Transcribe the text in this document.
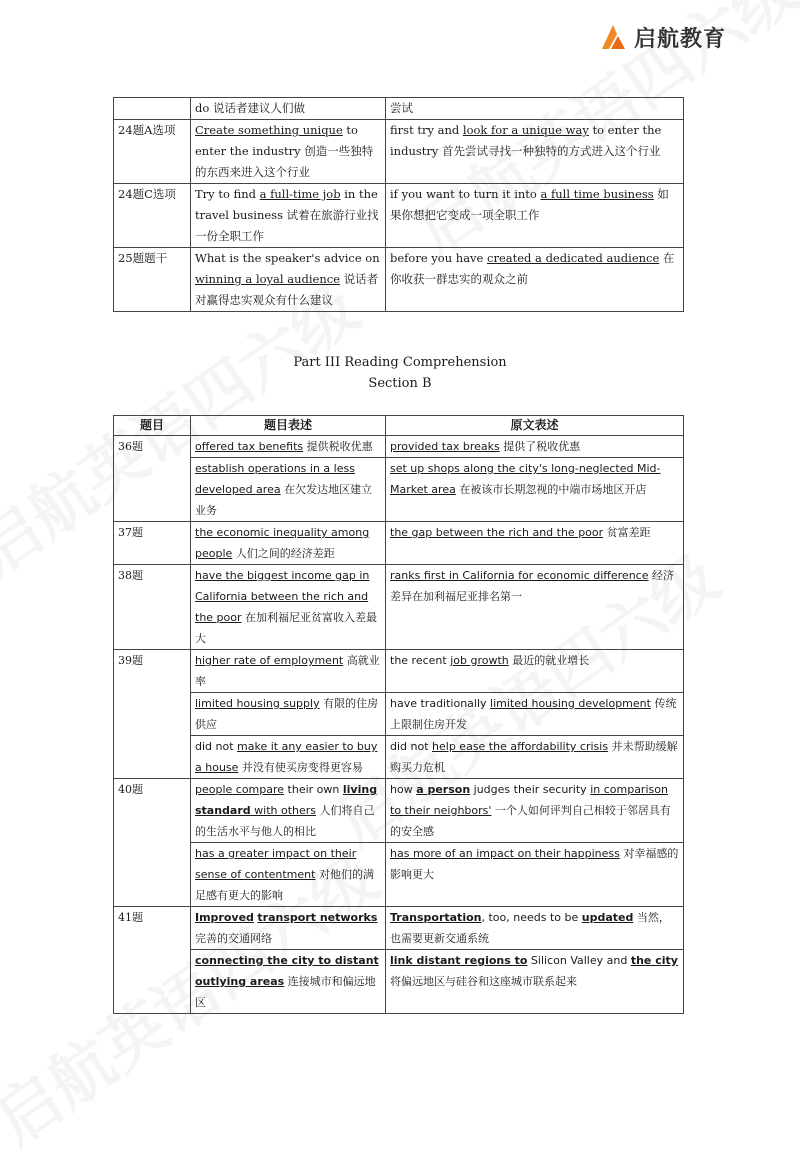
启航教育
	do 说话者建议人们做	尝试
24题A选项	Create something unique to enter the industry 创造一些独特的东西来进入这个行业	first try and look for a unique way to enter the industry 首先尝试寻找一种独特的方式进入这个行业
24题C选项	Try to find a full-time job in the travel business 试着在旅游行业找一份全职工作	if you want to turn it into a full time business 如果你想把它变成一项全职工作
25题题干	What is the speaker's advice on winning a loyal audience 说话者对赢得忠实观众有什么建议	before you have created a dedicated audience 在你收获一群忠实的观众之前
Part III Reading Comprehension
Section B
题目	题目表述	原文表述
36题	offered tax benefits 提供税收优惠	provided tax breaks 提供了税收优惠
	establish operations in a less developed area 在欠发达地区建立业务	set up shops along the city's long-neglected Mid-Market area 在被该市长期忽视的中端市场地区开店
37题	the economic inequality among people 人们之间的经济差距	the gap between the rich and the poor 贫富差距
38题	have the biggest income gap in California between the rich and the poor 在加利福尼亚贫富收入差最大	ranks first in California for economic difference 经济差异在加利福尼亚排名第一
39题	higher rate of employment 高就业率	the recent job growth 最近的就业增长
	limited housing supply 有限的住房供应	have traditionally limited housing development 传统上限制住房开发
	did not make it any easier to buy a house 并没有使买房变得更容易	did not help ease the affordability crisis 并未帮助缓解购买力危机
40题	people compare their own living standard with others 人们将自己的生活水平与他人的相比	how a person judges their security in comparison to their neighbors' 一个人如何评判自己相较于邻居具有的安全感
	has a greater impact on their sense of contentment 对他们的满足感有更大的影响	has more of an impact on their happiness 对幸福感的影响更大
41题	Improved transport networks 完善的交通网络	Transportation, too, needs to be updated 当然，也需要更新交通系统
	connecting the city to distant outlying areas 连接城市和偏远地区	link distant regions to Silicon Valley and the city 将偏远地区与硅谷和这座城市联系起来
